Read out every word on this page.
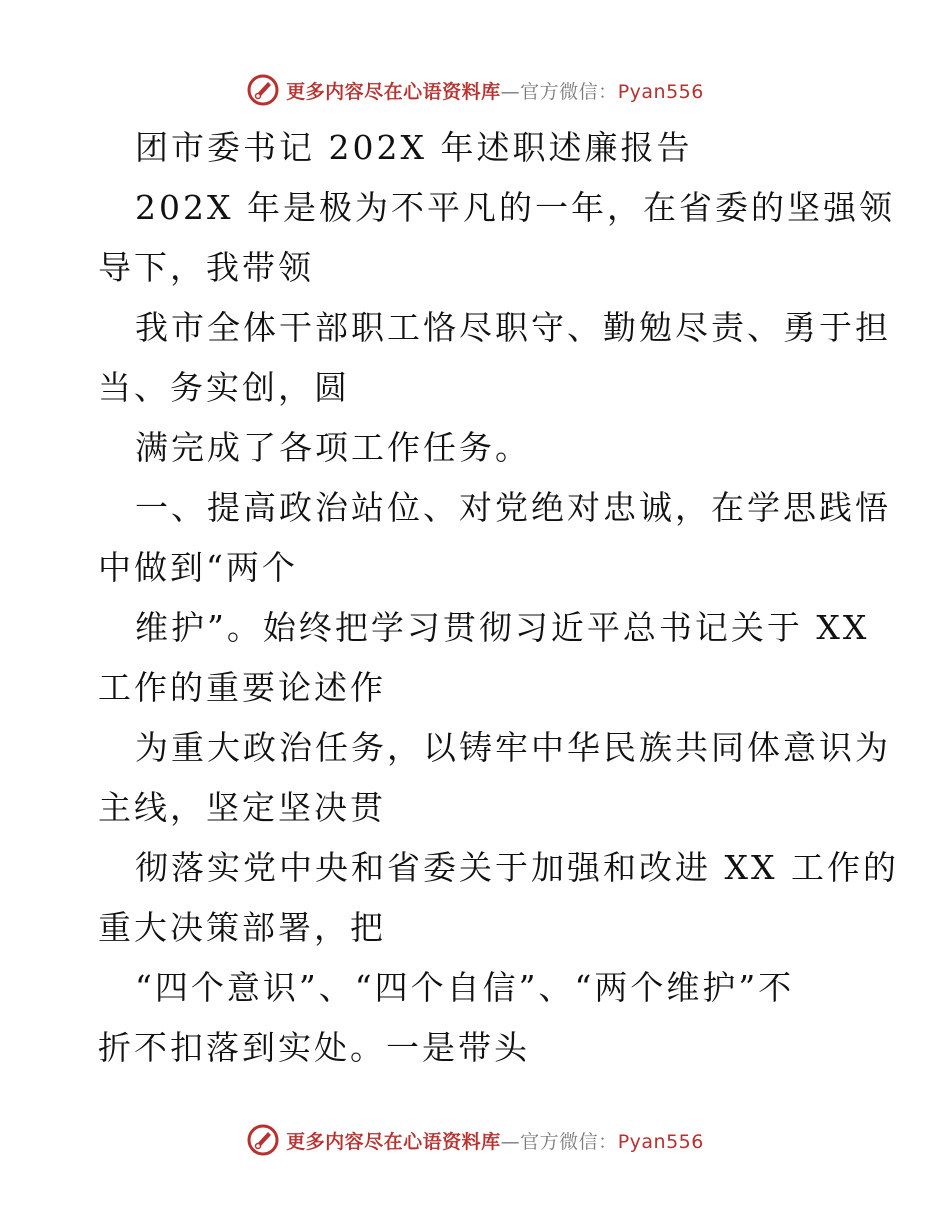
更多内容尽在心语资料库—官方微信：Pyan556
团市委书记 202X 年述职述廉报告
202X 年是极为不平凡的一年，在省委的坚强领
导下，我带领
我市全体干部职工恪尽职守、勤勉尽责、勇于担
当、务实创，圆
满完成了各项工作任务。
一、提高政治站位、对党绝对忠诚，在学思践悟
中做到“两个
维护”。始终把学习贯彻习近平总书记关于 XX
工作的重要论述作
为重大政治任务，以铸牢中华民族共同体意识为
主线，坚定坚决贯
彻落实党中央和省委关于加强和改进 XX 工作的
重大决策部署，把
“四个意识”、“四个自信”、“两个维护”不
折不扣落到实处。一是带头
更多内容尽在心语资料库—官方微信：Pyan556
